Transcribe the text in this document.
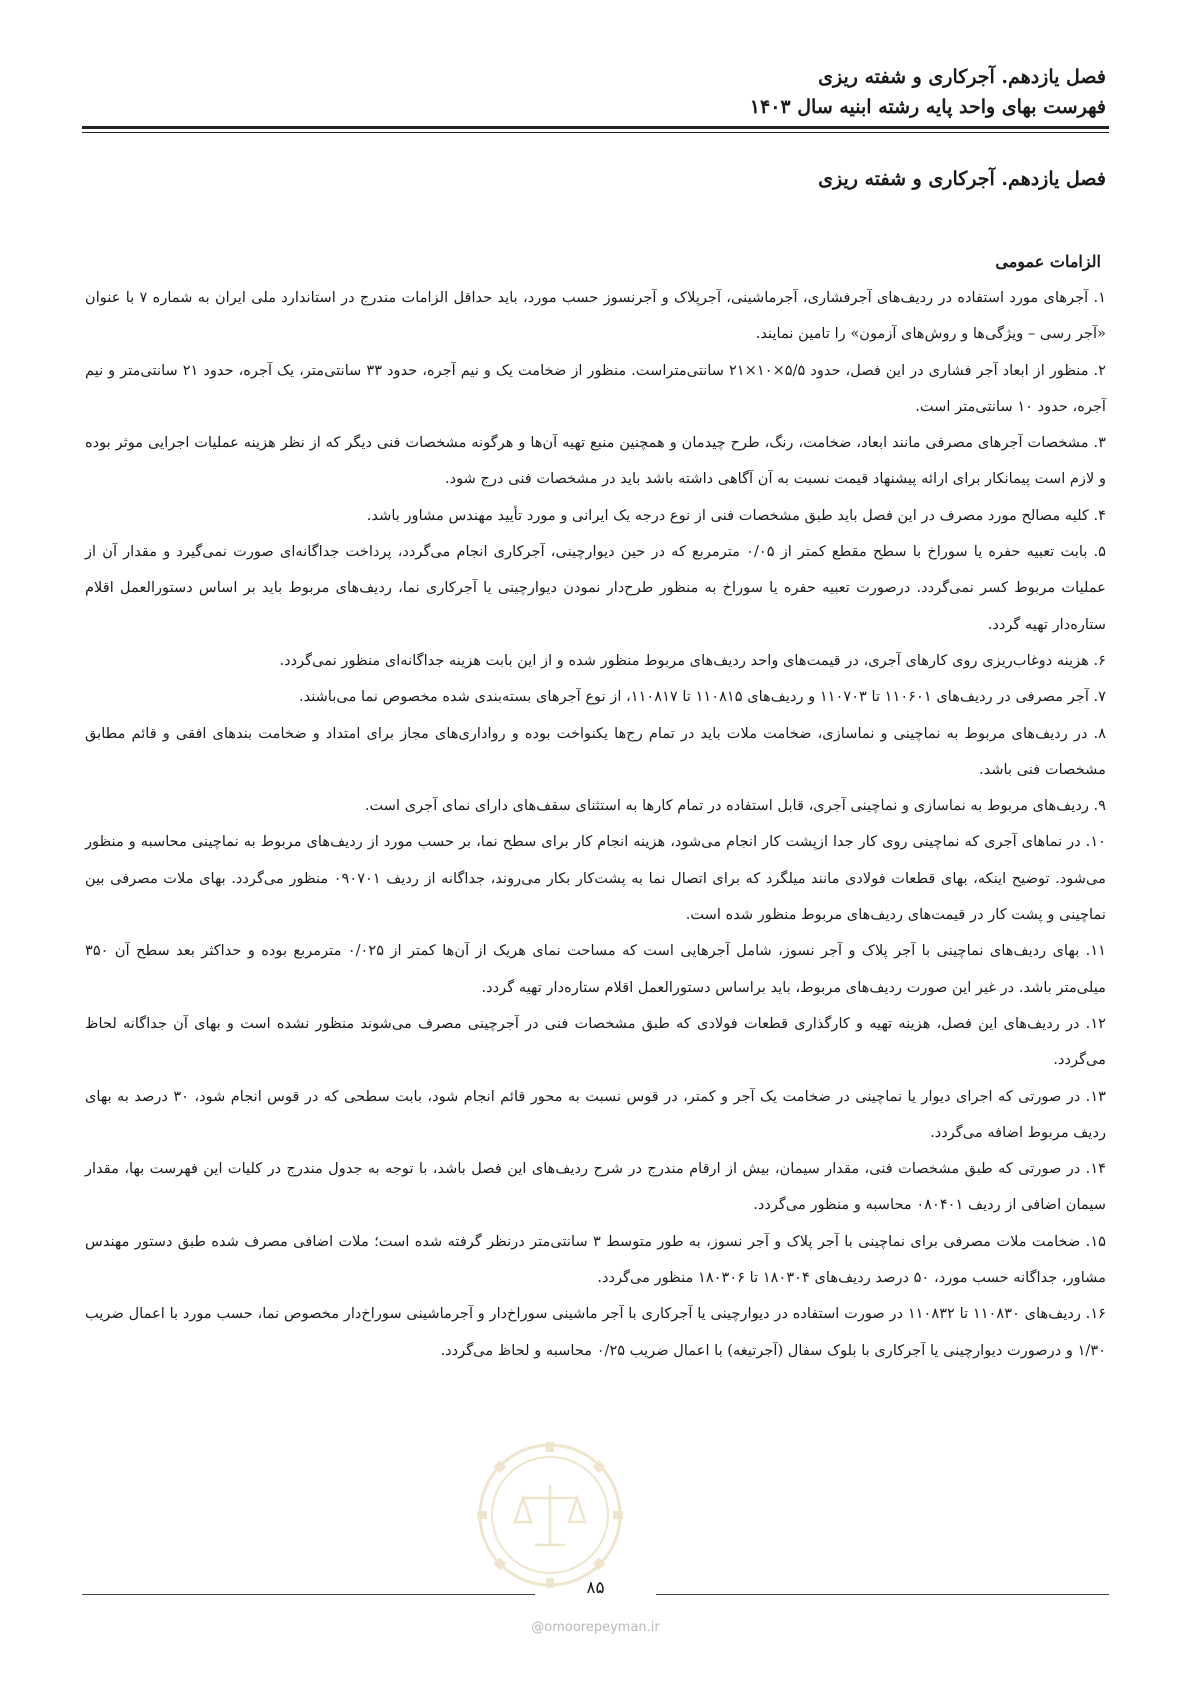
فصل یازدهم. آجرکاری و شفته ریزی
فهرست بهای واحد پایه رشته ابنیه سال ۱۴۰۳
فصل یازدهم. آجرکاری و شفته ریزی
الزامات عمومی

۱. آجرهای مورد استفاده در ردیف‌های آجرفشاری، آجرماشینی، آجرپلاک و آجرنسوز حسب مورد، باید حداقل الزامات مندرج در استاندارد ملی ایران به شماره ۷ با عنوان «آجر رسی – ویژگی‌ها و روش‌های آزمون» را تامین نمایند.

۲. منظور از ابعاد آجر فشاری در این فصل، حدود ۵/۵×۱۰×۲۱ سانتی‌متراست. منظور از ضخامت یک و نیم آجره، حدود ۳۳ سانتی‌متر، یک آجره، حدود ۲۱ سانتی‌متر و نیم آجره، حدود ۱۰ سانتی‌متر است.

۳. مشخصات آجرهای مصرفی مانند ابعاد، ضخامت، رنگ، طرح چیدمان و همچنین منبع تهیه آن‌ها و هرگونه مشخصات فنی دیگر که از نظر هزینه عملیات اجرایی موثر بوده و لازم است پیمانکار برای ارائه پیشنهاد قیمت نسبت به آن آگاهی داشته باشد باید در مشخصات فنی درج شود.

۴. کلیه مصالح مورد مصرف در این فصل باید طبق مشخصات فنی از نوع درجه یک ایرانی و مورد تأیید مهندس مشاور باشد.

۵. بابت تعبیه حفره یا سوراخ با سطح مقطع کمتر از ۰/۰۵ مترمربع که در حین دیوارچینی، آجرکاری انجام می‌گردد، پرداخت جداگانه‌ای صورت نمی‌گیرد و مقدار آن از عملیات مربوط کسر نمی‌گردد. درصورت تعبیه حفره یا سوراخ به منظور طرح‌دار نمودن دیوارچینی یا آجرکاری نما، ردیف‌های مربوط باید بر اساس دستورالعمل اقلام ستاره‌دار تهیه گردد.

۶. هزینه دوغاب‌ریزی روی کارهای آجری، در قیمت‌های واحد ردیف‌های مربوط منظور شده و از این بابت هزینه جداگانه‌ای منظور نمی‌گردد.

۷. آجر مصرفی در ردیف‌های ۱۱۰۶۰۱ تا ۱۱۰۷۰۳ و ردیف‌های ۱۱۰۸۱۵ تا ۱۱۰۸۱۷، از نوع آجرهای بسته‌بندی شده مخصوص نما می‌باشند.

۸. در ردیف‌های مربوط به نماچینی و نماسازی، ضخامت ملات باید در تمام رج‌ها یکنواخت بوده و رواداری‌های مجاز برای امتداد و ضخامت بندهای افقی و قائم مطابق مشخصات فنی باشد.

۹. ردیف‌های مربوط به نماسازی و نماچینی آجری، قابل استفاده در تمام کارها به استثنای سقف‌های دارای نمای آجری است.

۱۰. در نماهای آجری که نماچینی روی کار جدا ازپشت کار انجام می‌شود، هزینه انجام کار برای سطح نما، بر حسب مورد از ردیف‌های مربوط به نماچینی محاسبه و منظور می‌شود. توضیح اینکه، بهای قطعات فولادی مانند میلگرد که برای اتصال نما به پشت‌کار بکار می‌روند، جداگانه از ردیف ۰۹۰۷۰۱ منظور می‌گردد. بهای ملات مصرفی بین نماچینی و پشت کار در قیمت‌های ردیف‌های مربوط منظور شده است.

۱۱. بهای ردیف‌های نماچینی با آجر پلاک و آجر نسوز، شامل آجرهایی است که مساحت نمای هریک از آن‌ها کمتر از ۰/۰۲۵ مترمربع بوده و حداکثر بعد سطح آن ۳۵۰ میلی‌متر باشد. در غیر این صورت ردیف‌های مربوط، باید براساس دستورالعمل اقلام ستاره‌دار تهیه گردد.

۱۲. در ردیف‌های این فصل، هزینه تهیه و کارگذاری قطعات فولادی که طبق مشخصات فنی در آجرچینی مصرف می‌شوند منظور نشده است و بهای آن جداگانه لحاظ می‌گردد.

۱۳. در صورتی که اجرای دیوار یا نماچینی در ضخامت یک آجر و کمتر، در قوس نسبت به محور قائم انجام شود، بابت سطحی که در قوس انجام شود، ۳۰ درصد به بهای ردیف مربوط اضافه می‌گردد.

۱۴. در صورتی که طبق مشخصات فنی، مقدار سیمان، بیش از ارقام مندرج در شرح ردیف‌های این فصل باشد، با توجه به جدول مندرج در کلیات این فهرست بها، مقدار سیمان اضافی از ردیف ۰۸۰۴۰۱ محاسبه و منظور می‌گردد.

۱۵. ضخامت ملات مصرفی برای نماچینی با آجر پلاک و آجر نسوز، به طور متوسط ۳ سانتی‌متر درنظر گرفته شده است؛ ملات اضافی مصرف شده طبق دستور مهندس مشاور، جداگانه حسب مورد، ۵۰ درصد ردیف‌های ۱۸۰۳۰۴ تا ۱۸۰۳۰۶ منظور می‌گردد.

۱۶. ردیف‌های ۱۱۰۸۳۰ تا ۱۱۰۸۳۲ در صورت استفاده در دیوارچینی یا آجرکاری با آجر ماشینی سوراخ‌دار و آجرماشینی سوراخ‌دار مخصوص نما، حسب مورد با اعمال ضریب ۱/۳۰ و درصورت دیوارچینی یا آجرکاری با بلوک سفال (آجرتیغه) با اعمال ضریب ۰/۲۵ محاسبه و لحاظ می‌گردد.

۸۵
@omoorepeyman.ir
